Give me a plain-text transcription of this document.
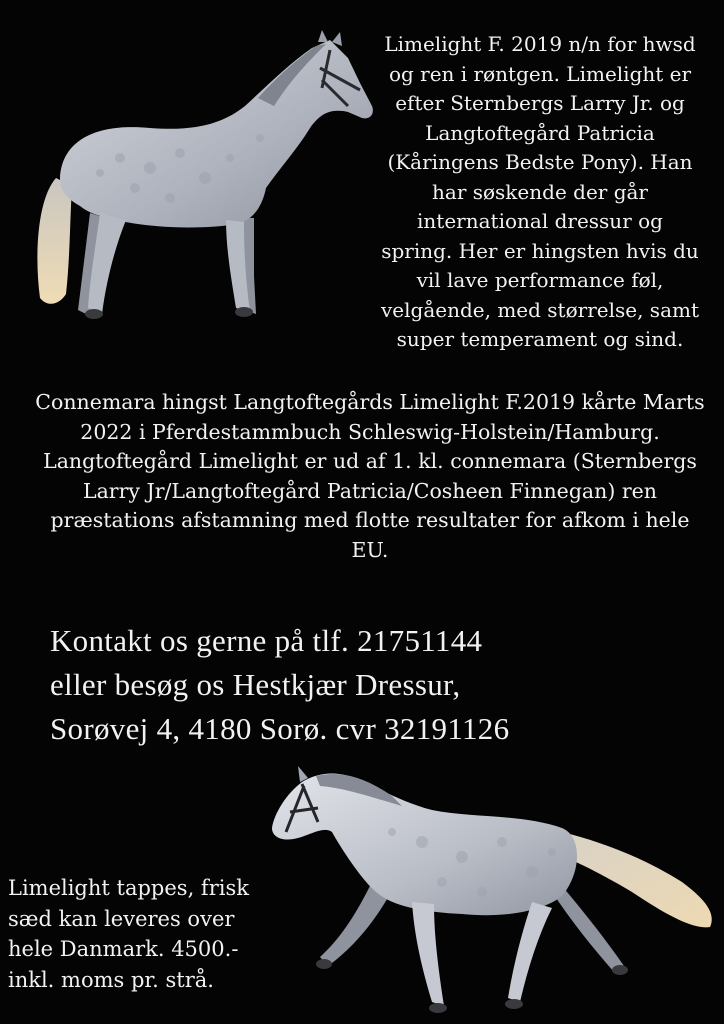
Limelight F. 2019 n/n for hwsd og ren i røntgen. Limelight er efter Sternbergs Larry Jr. og Langtoftegård Patricia (Kåringens Bedste Pony). Han har søskende der går international dressur og spring. Her er hingsten hvis du vil lave performance føl, velgående, med størrelse, samt super temperament og sind.

Connemara hingst Langtoftegårds Limelight F.2019 kårte Marts 2022 i Pferdestammbuch Schleswig-Holstein/Hamburg. Langtoftegård Limelight er ud af 1. kl. connemara (Sternbergs Larry Jr/Langtoftegård Patricia/Cosheen Finnegan) ren præstations afstamning med flotte resultater for afkom i hele EU.

Kontakt os gerne på tlf. 21751144
eller besøg os Hestkjær Dressur,
Sorøvej 4, 4180 Sorø. cvr 32191126

Limelight tappes, frisk
sæd kan leveres over
hele Danmark. 4500.-
inkl. moms pr. strå.
